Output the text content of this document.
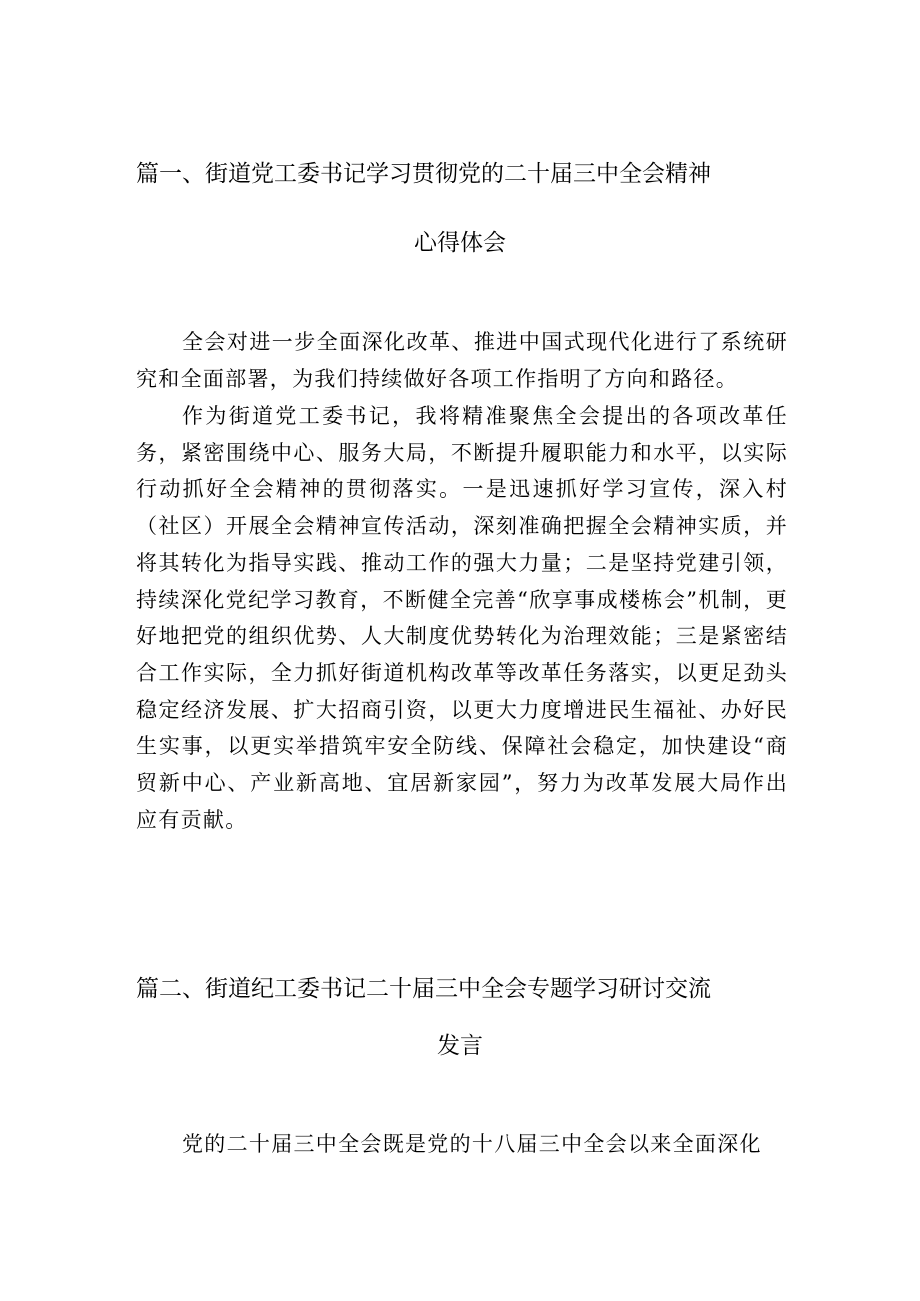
篇一、街道党工委书记学习贯彻党的二十届三中全会精神
心得体会
全会对进一步全面深化改革、推进中国式现代化进行了系统研究和全面部署，为我们持续做好各项工作指明了方向和路径。
作为街道党工委书记，我将精准聚焦全会提出的各项改革任务，紧密围绕中心、服务大局，不断提升履职能力和水平，以实际行动抓好全会精神的贯彻落实。一是迅速抓好学习宣传，深入村（社区）开展全会精神宣传活动，深刻准确把握全会精神实质，并将其转化为指导实践、推动工作的强大力量；二是坚持党建引领，持续深化党纪学习教育，不断健全完善“欣享事成楼栋会”机制，更好地把党的组织优势、人大制度优势转化为治理效能；三是紧密结合工作实际，全力抓好街道机构改革等改革任务落实，以更足劲头稳定经济发展、扩大招商引资，以更大力度增进民生福祉、办好民生实事，以更实举措筑牢安全防线、保障社会稳定，加快建设“商贸新中心、产业新高地、宜居新家园”，努力为改革发展大局作出应有贡献。
篇二、街道纪工委书记二十届三中全会专题学习研讨交流
发言
党的二十届三中全会既是党的十八届三中全会以来全面深化
